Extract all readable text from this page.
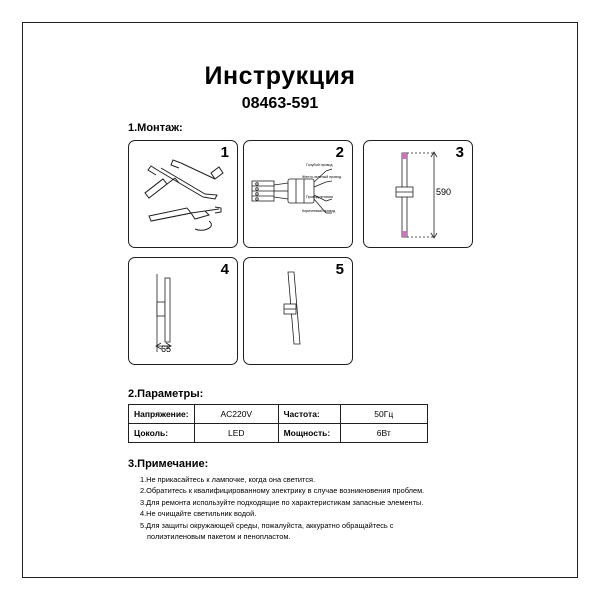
Инструкция
08463-591
1.Монтаж:
1	2
Голубой провод
Желто-зеленый провод
Провод питания
Коричневый провод
3
590
4
65
5
2.Параметры:
Напряжение:	AC220V	Частота:	50Гц
Цоколь:	LED	Мощность:	6Вт
3.Примечание:
1.Не прикасайтесь к лампочке, когда она светится.
2.Обратитесь к квалифицированному электрику в случае возникновения проблем.
3.Для ремонта используйте подходящие по характеристикам запасные элементы.
4.Не очищайте светильник водой.
5.Для защиты окружающей среды, пожалуйста, аккуратно обращайтесь с
полиэтиленовым пакетом и пенопластом.
